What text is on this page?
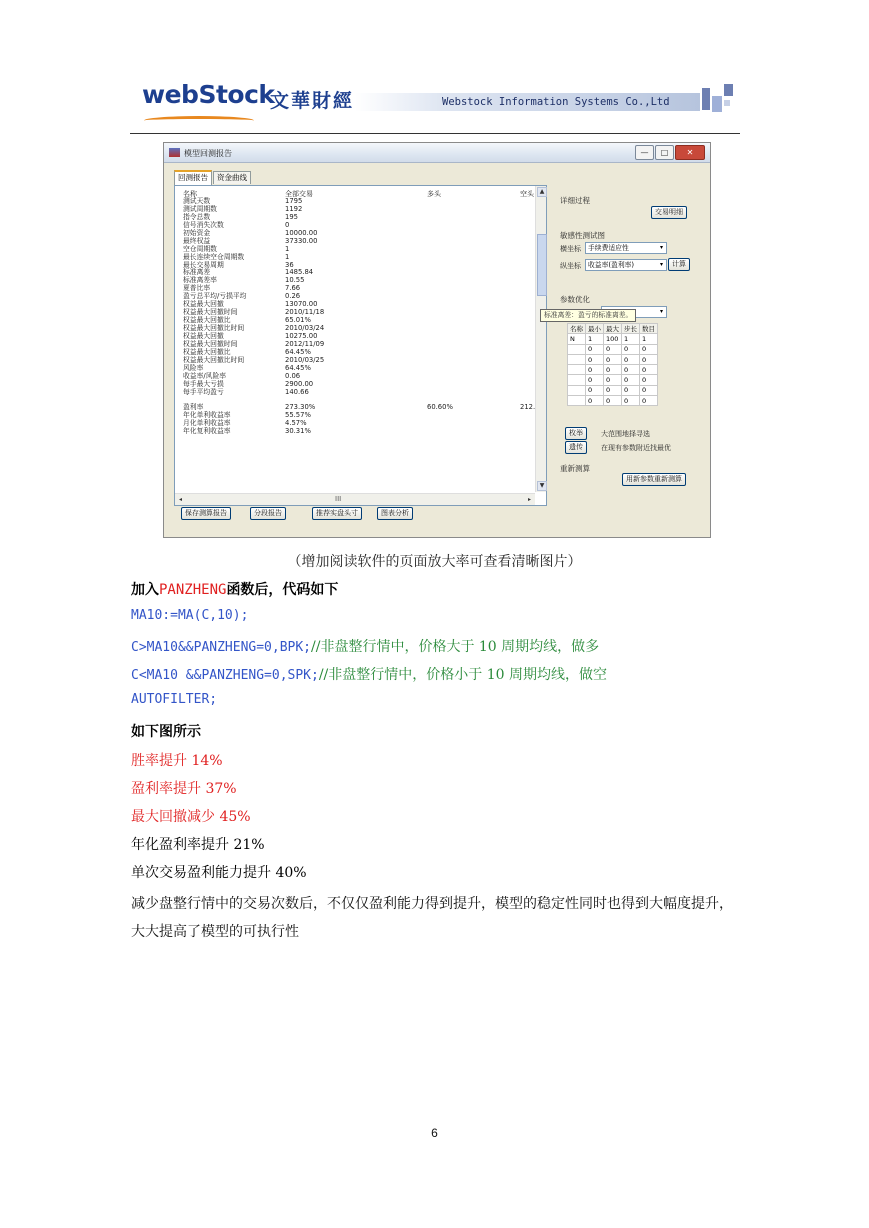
webStock
文華財經	Webstock Information Systems Co.,Ltd
模型回测报告	—	□	✕
回测报告	资金曲线
名称	全部交易	多头	空头
测试天数	1795
测试周期数	1192
指令总数	195
信号消失次数	0
初始资金	10000.00
最终权益	37330.00
空仓周期数	1
最长连续空仓周期数	1
最长交易周期	36
标准离差	1485.84
标准离差率	10.55
夏普比率	7.66
盈亏总平均/亏损平均	0.26
权益最大回撤	13070.00
权益最大回撤时间	2010/11/18
权益最大回撤比	65.01%
权益最大回撤比时间	2010/03/24
权益最大回撤	10275.00
权益最大回撤时间	2012/11/09
权益最大回撤比	64.45%
权益最大回撤比时间	2010/03/25
风险率	64.45%
收益率/风险率	0.06
每手最大亏损	2900.00
每手平均盈亏	140.66
盈利率	273.30%	60.60%	212.
年化单利收益率	55.57%
月化单利收益率	4.57%
年化复利收益率	30.31%
▲
▼
◂	III	▸
详细过程
交易明细
敏感性测试图
横坐标	手续费适应性	▾
纵坐标	收益率(盈利率)	▾	计算
参数优化
▾
标准离差：盈亏的标准离差。
名称	最小	最大	步长	数目
N	1	100	1	1
	0	0	0	0
	0	0	0	0
	0	0	0	0
	0	0	0	0
	0	0	0	0
	0	0	0	0
枚举	大范围地择寻选
遗传	在现有参数附近找最优
重新测算
用新参数重新测算
保存测算报告	分段报告	推荐实盘头寸	图表分析
（增加阅读软件的页面放大率可查看清晰图片）
加入PANZHENG函数后，代码如下
MA10:=MA(C,10);
C>MA10&&PANZHENG=0,BPK;//非盘整行情中，价格大于 10 周期均线，做多
C<MA10 &&PANZHENG=0,SPK;//非盘整行情中，价格小于 10 周期均线，做空
AUTOFILTER;
如下图所示
胜率提升 14%
盈利率提升 37%
最大回撤减少 45%
年化盈利率提升 21%
单次交易盈利能力提升 40%
减少盘整行情中的交易次数后，不仅仅盈利能力得到提升，模型的稳定性同时也得到大幅度提升，大大提高了模型的可执行性
6
